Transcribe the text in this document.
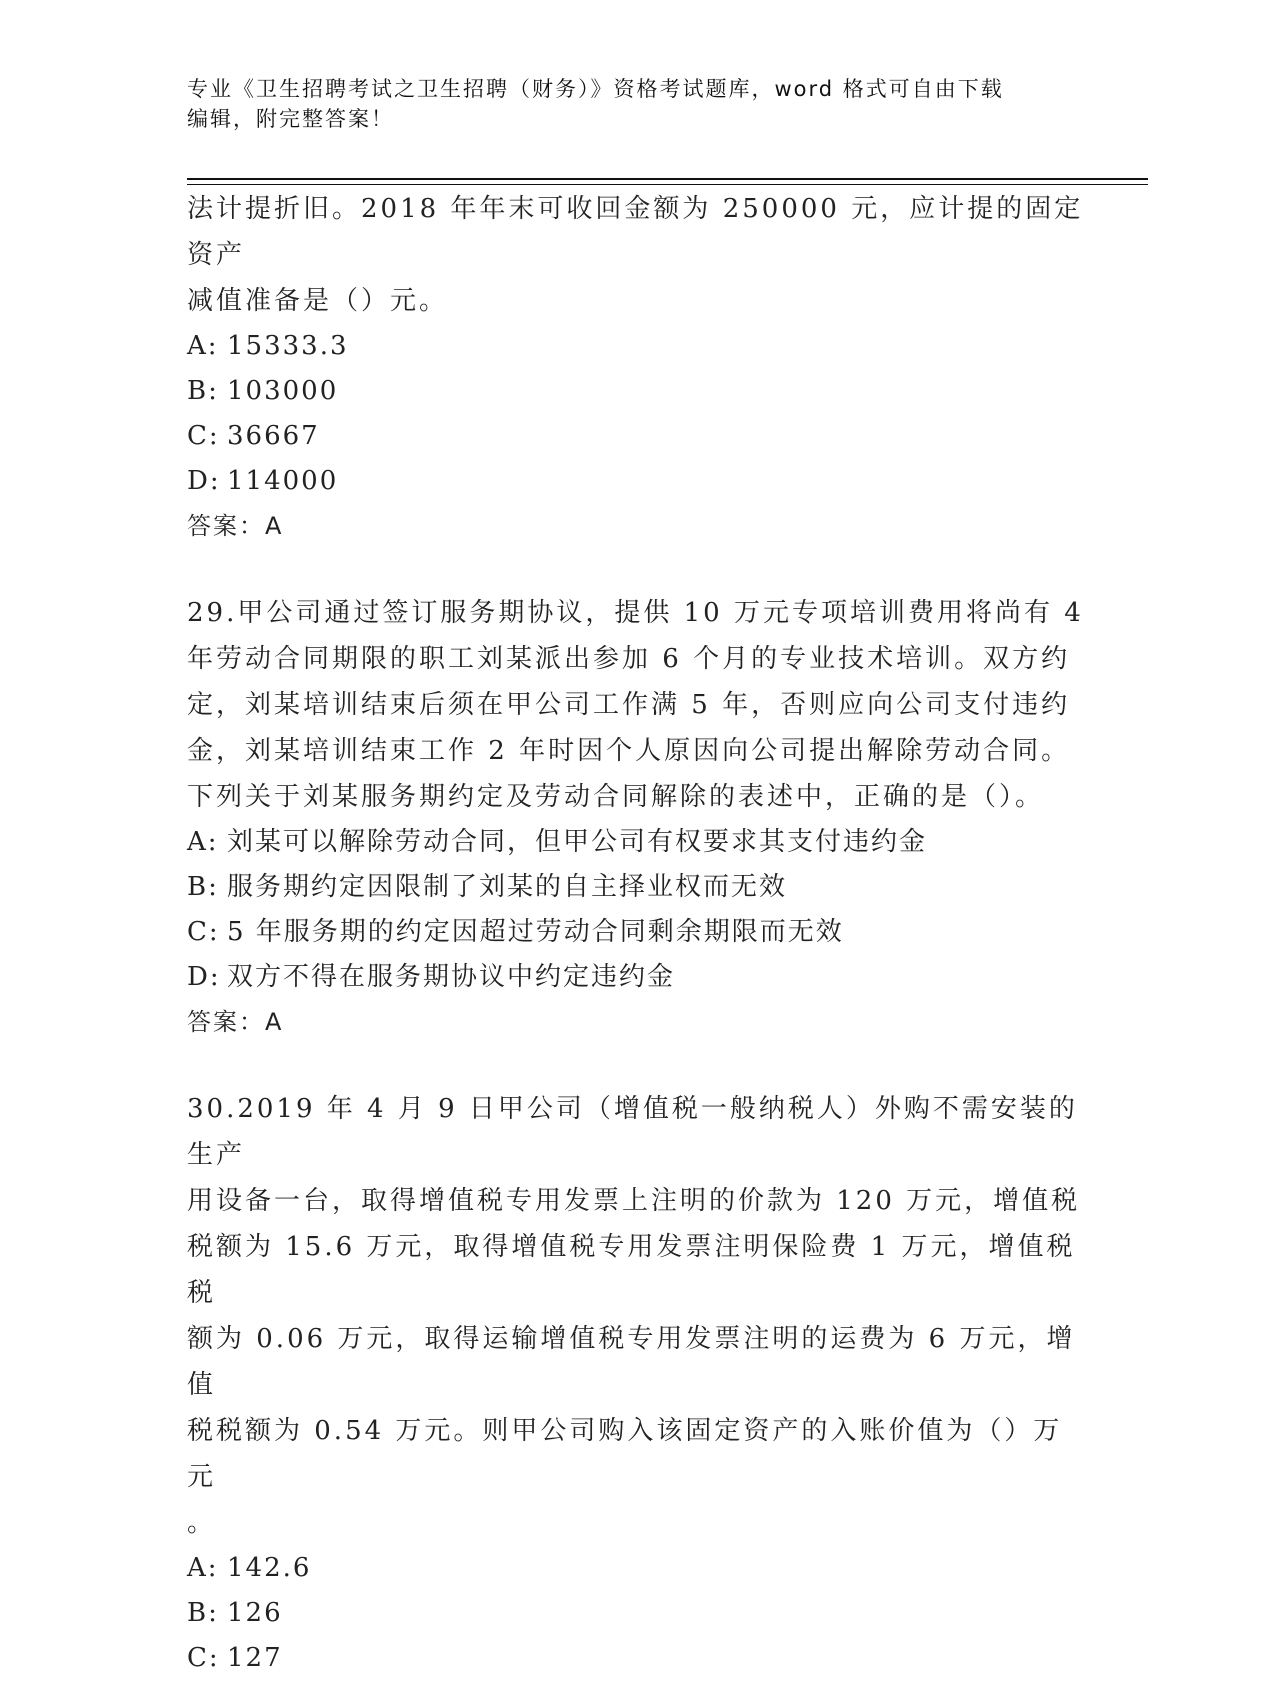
专业《卫生招聘考试之卫生招聘（财务）》资格考试题库，word 格式可自由下载
编辑，附完整答案！
法计提折旧。2018 年年末可收回金额为 250000 元，应计提的固定资产
减值准备是（）元。
A: 15333.3
B: 103000
C: 36667
D: 114000
答案：A
29.甲公司通过签订服务期协议，提供 10 万元专项培训费用将尚有 4
年劳动合同期限的职工刘某派出参加 6 个月的专业技术培训。双方约
定，刘某培训结束后须在甲公司工作满 5 年，否则应向公司支付违约
金，刘某培训结束工作 2 年时因个人原因向公司提出解除劳动合同。
下列关于刘某服务期约定及劳动合同解除的表述中，正确的是（）。
A: 刘某可以解除劳动合同，但甲公司有权要求其支付违约金
B: 服务期约定因限制了刘某的自主择业权而无效
C: 5 年服务期的约定因超过劳动合同剩余期限而无效
D: 双方不得在服务期协议中约定违约金
答案：A
30.2019 年 4 月 9 日甲公司（增值税一般纳税人）外购不需安装的生产
用设备一台，取得增值税专用发票上注明的价款为 120 万元，增值税
税额为 15.6 万元，取得增值税专用发票注明保险费 1 万元，增值税税
额为 0.06 万元，取得运输增值税专用发票注明的运费为 6 万元，增值
税税额为 0.54 万元。则甲公司购入该固定资产的入账价值为（）万元
。
A: 142.6
B: 126
C: 127
